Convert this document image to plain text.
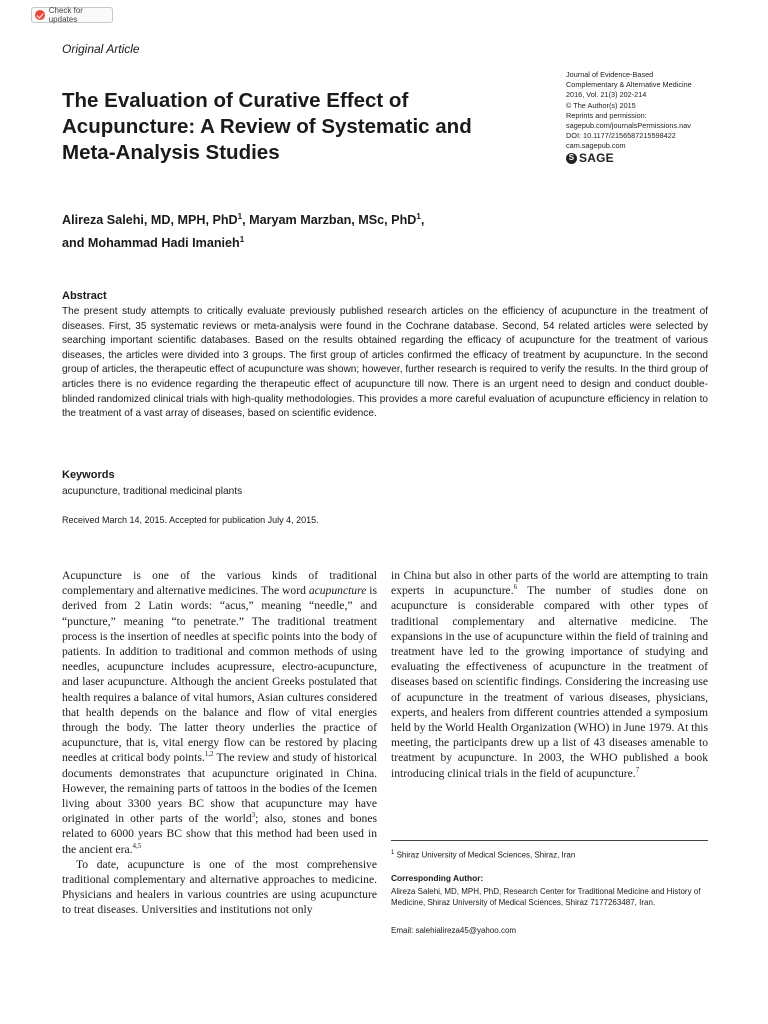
Check for updates
Original Article
The Evaluation of Curative Effect of Acupuncture: A Review of Systematic and Meta-Analysis Studies
Journal of Evidence-Based
Complementary & Alternative Medicine
2016, Vol. 21(3) 202-214
© The Author(s) 2015
Reprints and permission:
sagepub.com/journalsPermissions.nav
DOI: 10.1177/2156587215598422
cam.sagepub.com
S SAGE
Alireza Salehi, MD, MPH, PhD$^1$, Maryam Marzban, MSc, PhD$^1$,
and Mohammad Hadi Imanieh$^1$
Abstract

The present study attempts to critically evaluate previously published research articles on the efficiency of acupuncture in the treatment of diseases. First, 35 systematic reviews or meta-analysis were found in the Cochrane database. Second, 54 related articles were selected by searching important scientific databases. Based on the results obtained regarding the efficacy of acupuncture for the treatment of various diseases, the articles were divided into 3 groups. The first group of articles confirmed the efficacy of treatment by acupuncture. In the second group of articles, the therapeutic effect of acupuncture was shown; however, further research is required to verify the results. In the third group of articles there is no evidence regarding the therapeutic effect of acupuncture till now. There is an urgent need to design and conduct double-blinded randomized clinical trials with high-quality methodologies. This provides a more careful evaluation of acupuncture efficiency in relation to the treatment of a vast array of diseases, based on scientific evidence.

Keywords
acupuncture, traditional medicinal plants
Received March 14, 2015. Accepted for publication July 4, 2015.

Acupuncture is one of the various kinds of traditional complementary and alternative medicines. The word acupuncture is derived from 2 Latin words: “acus,” meaning “needle,” and “puncture,” meaning “to penetrate.” The traditional treatment process is the insertion of needles at specific points into the body of patients. In addition to traditional and common methods of using needles, acupuncture includes acupressure, electro-acupuncture, and laser acupuncture. Although the ancient Greeks postulated that health requires a balance of vital humors, Asian cultures considered that health depends on the balance and flow of vital energies through the body. The latter theory underlies the practice of acupuncture, that is, vital energy flow can be restored by placing needles at critical body points.$^{1,2}$ The review and study of historical documents demonstrates that acupuncture originated in China. However, the remaining parts of tattoos in the bodies of the Icemen living about 3300 years BC show that acupuncture may have originated in other parts of the world$^3$; also, stones and bones related to 6000 years BC show that this method had been used in the ancient era.$^{4,5}$

To date, acupuncture is one of the most comprehensive traditional complementary and alternative approaches to medicine. Physicians and healers in various countries are using acupuncture to treat diseases. Universities and institutions not only

in China but also in other parts of the world are attempting to train experts in acupuncture.$^6$ The number of studies done on acupuncture is considerable compared with other types of traditional complementary and alternative medicine. The expansions in the use of acupuncture within the field of training and treatment have led to the growing importance of studying and evaluating the effectiveness of acupuncture in the treatment of diseases based on scientific findings. Considering the increasing use of acupuncture in the treatment of various diseases, physicians, experts, and healers from different countries attended a symposium held by the World Health Organization (WHO) in June 1979. At this meeting, the participants drew up a list of 43 diseases amenable to treatment by acupuncture. In 2003, the WHO published a book introducing clinical trials in the field of acupuncture.$^7$

$^1$ Shiraz University of Medical Sciences, Shiraz, Iran
Corresponding Author:
Alireza Salehi, MD, MPH, PhD, Research Center for Traditional Medicine and History of Medicine, Shiraz University of Medical Sciences, Shiraz 7177263487, Iran.
Email: salehialireza45@yahoo.com
